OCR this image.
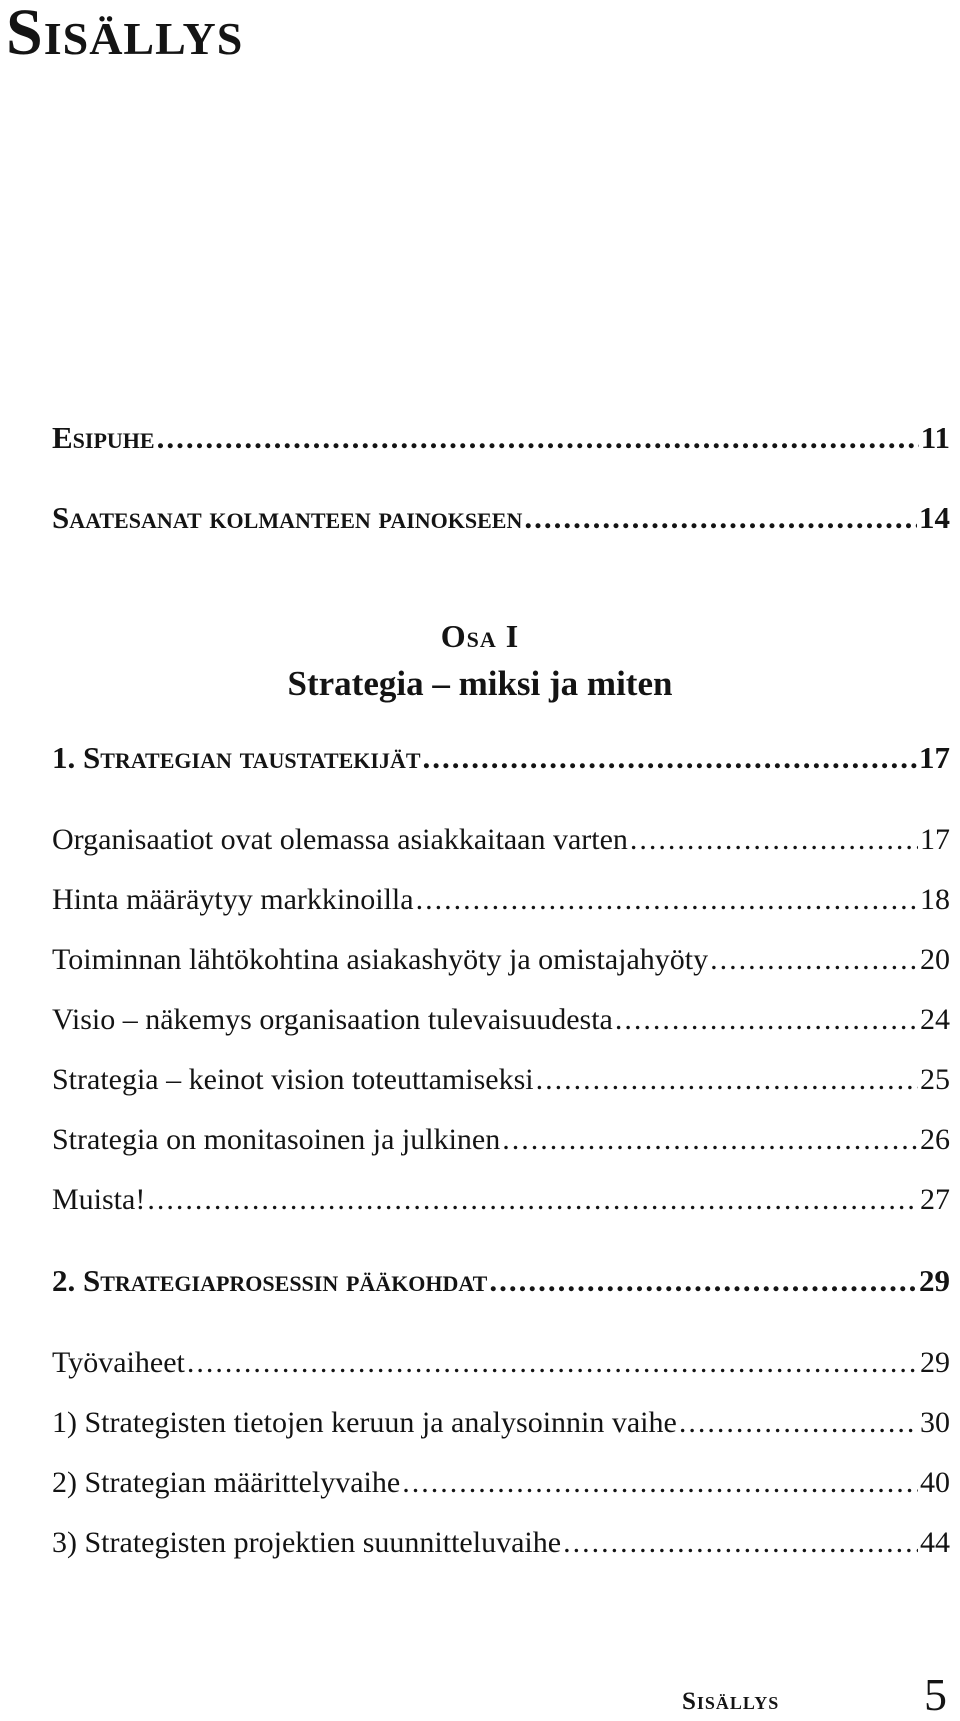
Sisällys
Esipuhe .....	11
Saatesanat kolmanteen painokseen .....	14
Osa I
Strategia – miksi ja miten
1. Strategian taustatekijät .....	17
Organisaatiot ovat olemassa asiakkaitaan varten .....	17
Hinta määräytyy markkinoilla .....	18
Toiminnan lähtökohtina asiakashyöty ja omistajahyöty .....	20
Visio – näkemys organisaation tulevaisuudesta .....	24
Strategia – keinot vision toteuttamiseksi .....	25
Strategia on monitasoinen ja julkinen .....	26
Muista! .....	27
2. Strategiaprosessin pääkohdat .....	29
Työvaiheet .....	29
1) Strategisten tietojen keruun ja analysoinnin vaihe .....	30
2) Strategian määrittelyvaihe .....	40
3) Strategisten projektien suunnitteluvaihe .....	44
Sisällys	5
